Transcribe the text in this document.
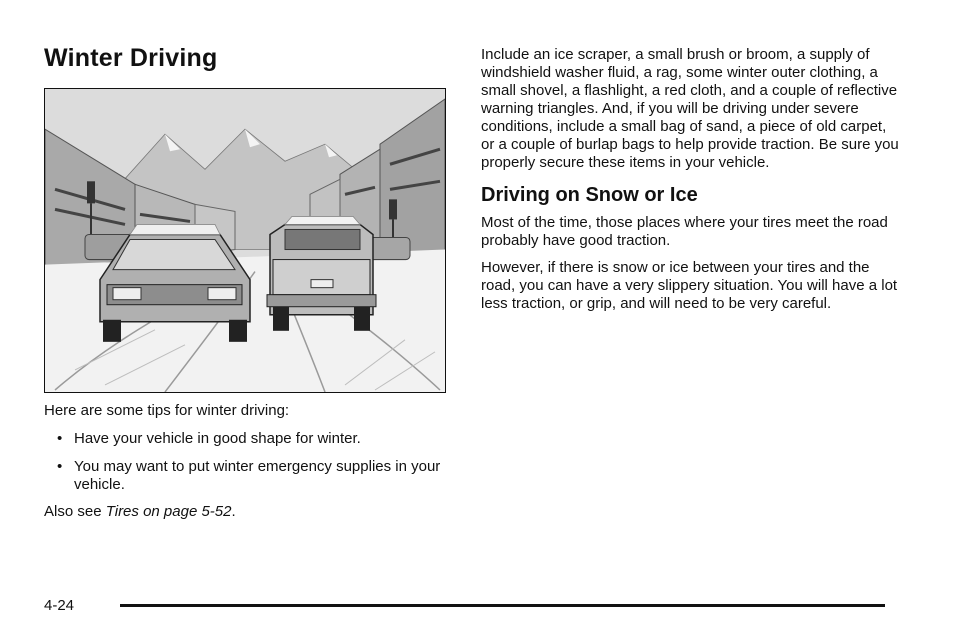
Winter Driving

Here are some tips for winter driving:

• Have your vehicle in good shape for winter.
• You may want to put winter emergency supplies in your vehicle.

Also see Tires on page 5-52.

Include an ice scraper, a small brush or broom, a supply of windshield washer fluid, a rag, some winter outer clothing, a small shovel, a flashlight, a red cloth, and a couple of reflective warning triangles. And, if you will be driving under severe conditions, include a small bag of sand, a piece of old carpet, or a couple of burlap bags to help provide traction. Be sure you properly secure these items in your vehicle.

Driving on Snow or Ice

Most of the time, those places where your tires meet the road probably have good traction.

However, if there is snow or ice between your tires and the road, you can have a very slippery situation. You will have a lot less traction, or grip, and will need to be very careful.

4-24
